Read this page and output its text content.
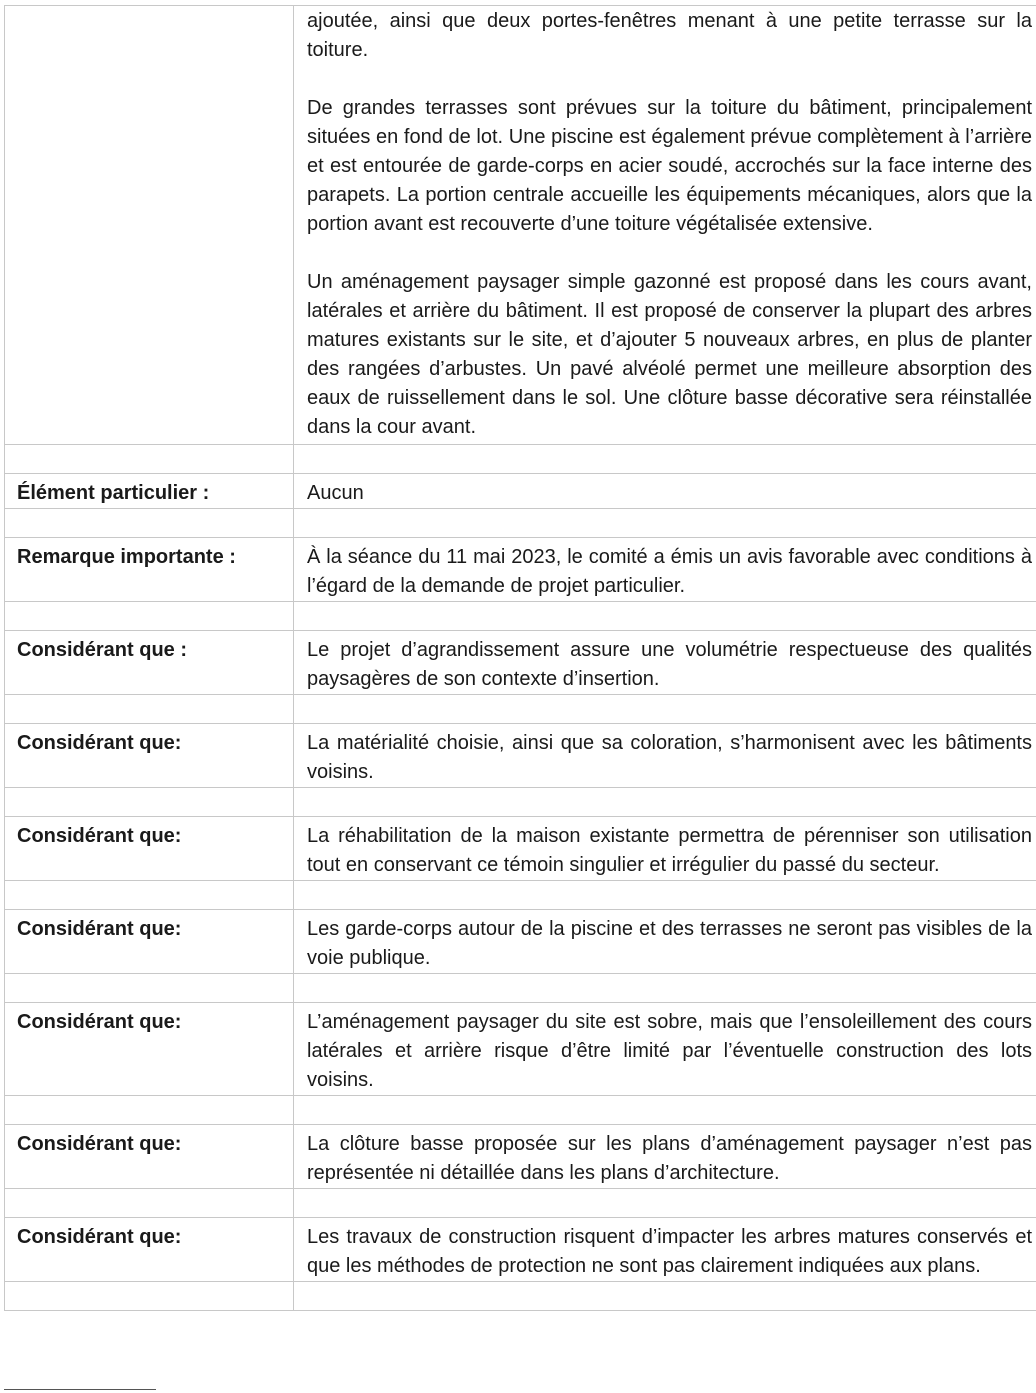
	ajoutée, ainsi que deux portes-fenêtres menant à une petite terrasse sur la toiture.

De grandes terrasses sont prévues sur la toiture du bâtiment, principalement situées en fond de lot. Une piscine est également prévue complètement à l’arrière et est entourée de garde-corps en acier soudé, accrochés sur la face interne des parapets. La portion centrale accueille les équipements mécaniques, alors que la portion avant est recouverte d’une toiture végétalisée extensive.

Un aménagement paysager simple gazonné est proposé dans les cours avant, latérales et arrière du bâtiment. Il est proposé de conserver la plupart des arbres matures existants sur le site, et d’ajouter 5 nouveaux arbres, en plus de planter des rangées d’arbustes. Un pavé alvéolé permet une meilleure absorption des eaux de ruissellement dans le sol. Une clôture basse décorative sera réinstallée dans la cour avant.

Élément particulier :	Aucun

Remarque importante :	À la séance du 11 mai 2023, le comité a émis un avis favorable avec conditions à l’égard de la demande de projet particulier.

Considérant que :	Le projet d’agrandissement assure une volumétrie respectueuse des qualités paysagères de son contexte d’insertion.

Considérant que:	La matérialité choisie, ainsi que sa coloration, s’harmonisent avec les bâtiments voisins.

Considérant que:	La réhabilitation de la maison existante permettra de pérenniser son utilisation tout en conservant ce témoin singulier et irrégulier du passé du secteur.

Considérant que:	Les garde-corps autour de la piscine et des terrasses ne seront pas visibles de la voie publique.

Considérant que:	L’aménagement paysager du site est sobre, mais que l’ensoleillement des cours latérales et arrière risque d’être limité par l’éventuelle construction des lots voisins.

Considérant que:	La clôture basse proposée sur les plans d’aménagement paysager n’est pas représentée ni détaillée dans les plans d’architecture.

Considérant que:	Les travaux de construction risquent d’impacter les arbres matures conservés et que les méthodes de protection ne sont pas clairement indiquées aux plans.
